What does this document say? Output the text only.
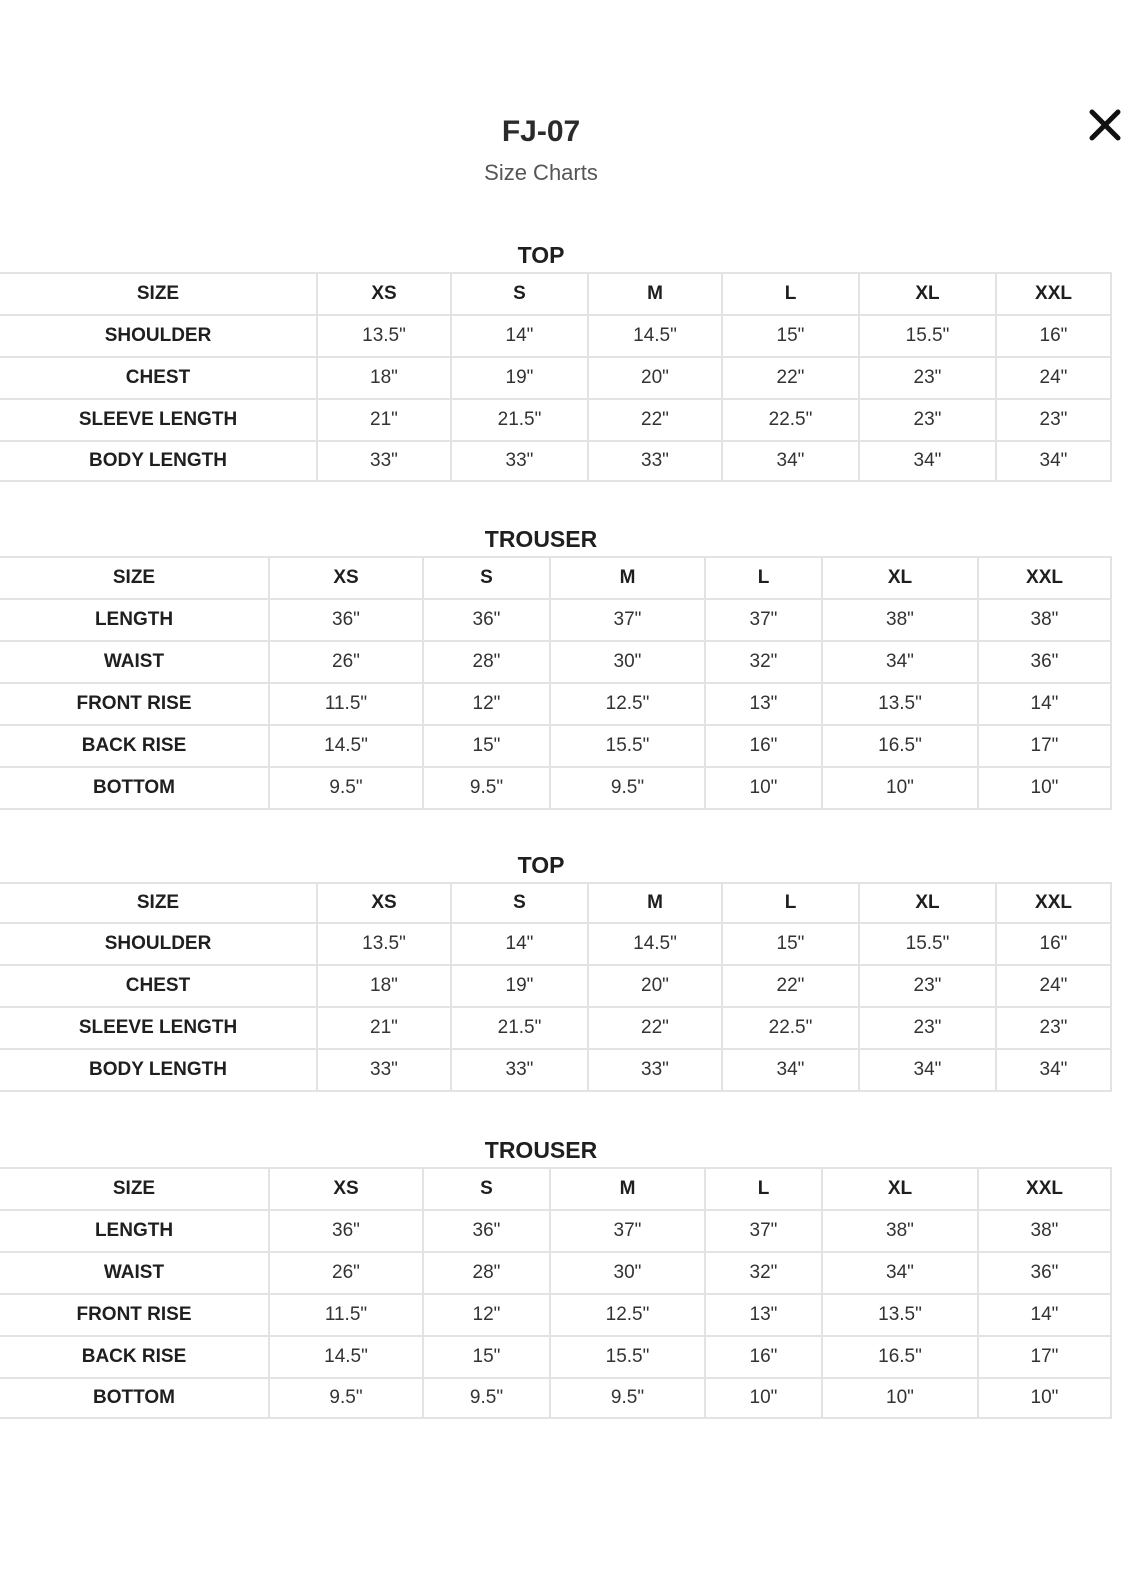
FJ-07
Size Charts
TOP
SIZE	XS	S	M	L	XL	XXL
SHOULDER	13.5"	14"	14.5"	15"	15.5"	16"
CHEST	18"	19"	20"	22"	23"	24"
SLEEVE LENGTH	21"	21.5"	22"	22.5"	23"	23"
BODY LENGTH	33"	33"	33"	34"	34"	34"
TROUSER
SIZE	XS	S	M	L	XL	XXL
LENGTH	36"	36"	37"	37"	38"	38"
WAIST	26"	28"	30"	32"	34"	36"
FRONT RISE	11.5"	12"	12.5"	13"	13.5"	14"
BACK RISE	14.5"	15"	15.5"	16"	16.5"	17"
BOTTOM	9.5"	9.5"	9.5"	10"	10"	10"
TOP
SIZE	XS	S	M	L	XL	XXL
SHOULDER	13.5"	14"	14.5"	15"	15.5"	16"
CHEST	18"	19"	20"	22"	23"	24"
SLEEVE LENGTH	21"	21.5"	22"	22.5"	23"	23"
BODY LENGTH	33"	33"	33"	34"	34"	34"
TROUSER
SIZE	XS	S	M	L	XL	XXL
LENGTH	36"	36"	37"	37"	38"	38"
WAIST	26"	28"	30"	32"	34"	36"
FRONT RISE	11.5"	12"	12.5"	13"	13.5"	14"
BACK RISE	14.5"	15"	15.5"	16"	16.5"	17"
BOTTOM	9.5"	9.5"	9.5"	10"	10"	10"
